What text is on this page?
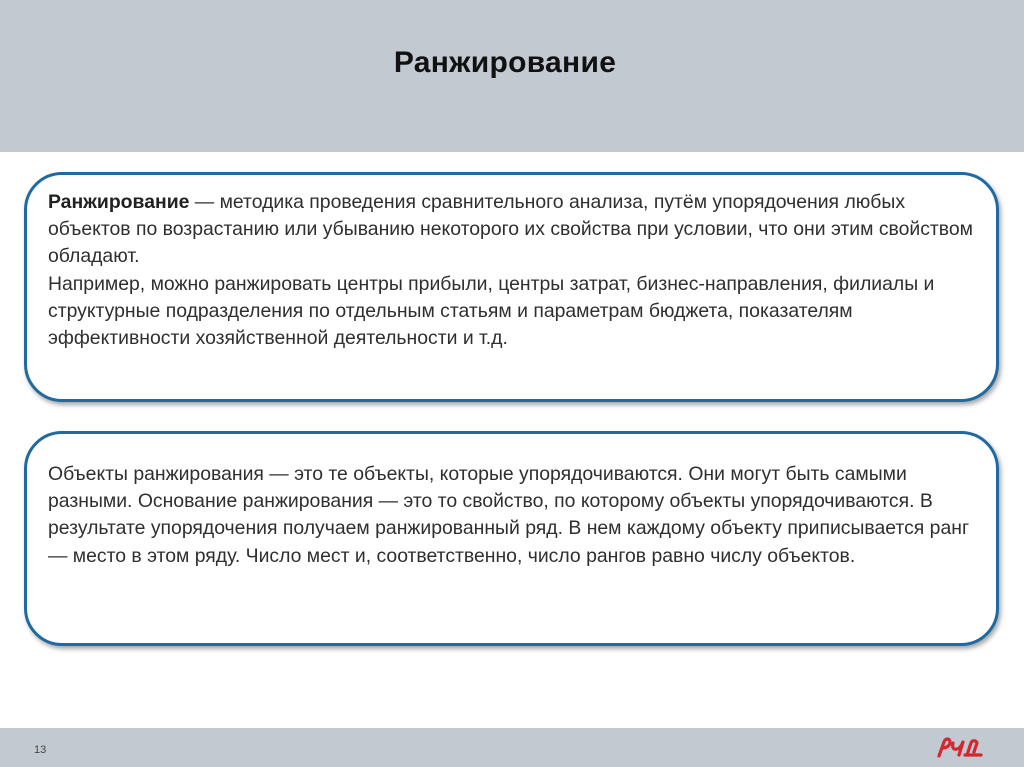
Ранжирование

Ранжирование — методика проведения сравнительного анализа, путём упорядочения любых объектов по возрастанию или убыванию некоторого их свойства при условии, что они этим свойством обладают.

Например, можно ранжировать центры прибыли, центры затрат, бизнес-направления, филиалы и структурные подразделения по отдельным статьям и параметрам бюджета, показателям эффективности хозяйственной деятельности и т.д.

Объекты ранжирования — это те объекты, которые упорядочиваются. Они могут быть самыми разными. Основание ранжирования — это то свойство, по которому объекты упорядочиваются. В результате упорядочения получаем ранжированный ряд. В нем каждому объекту приписывается ранг — место в этом ряду. Число мест и, соответственно, число рангов равно числу объектов.

13
